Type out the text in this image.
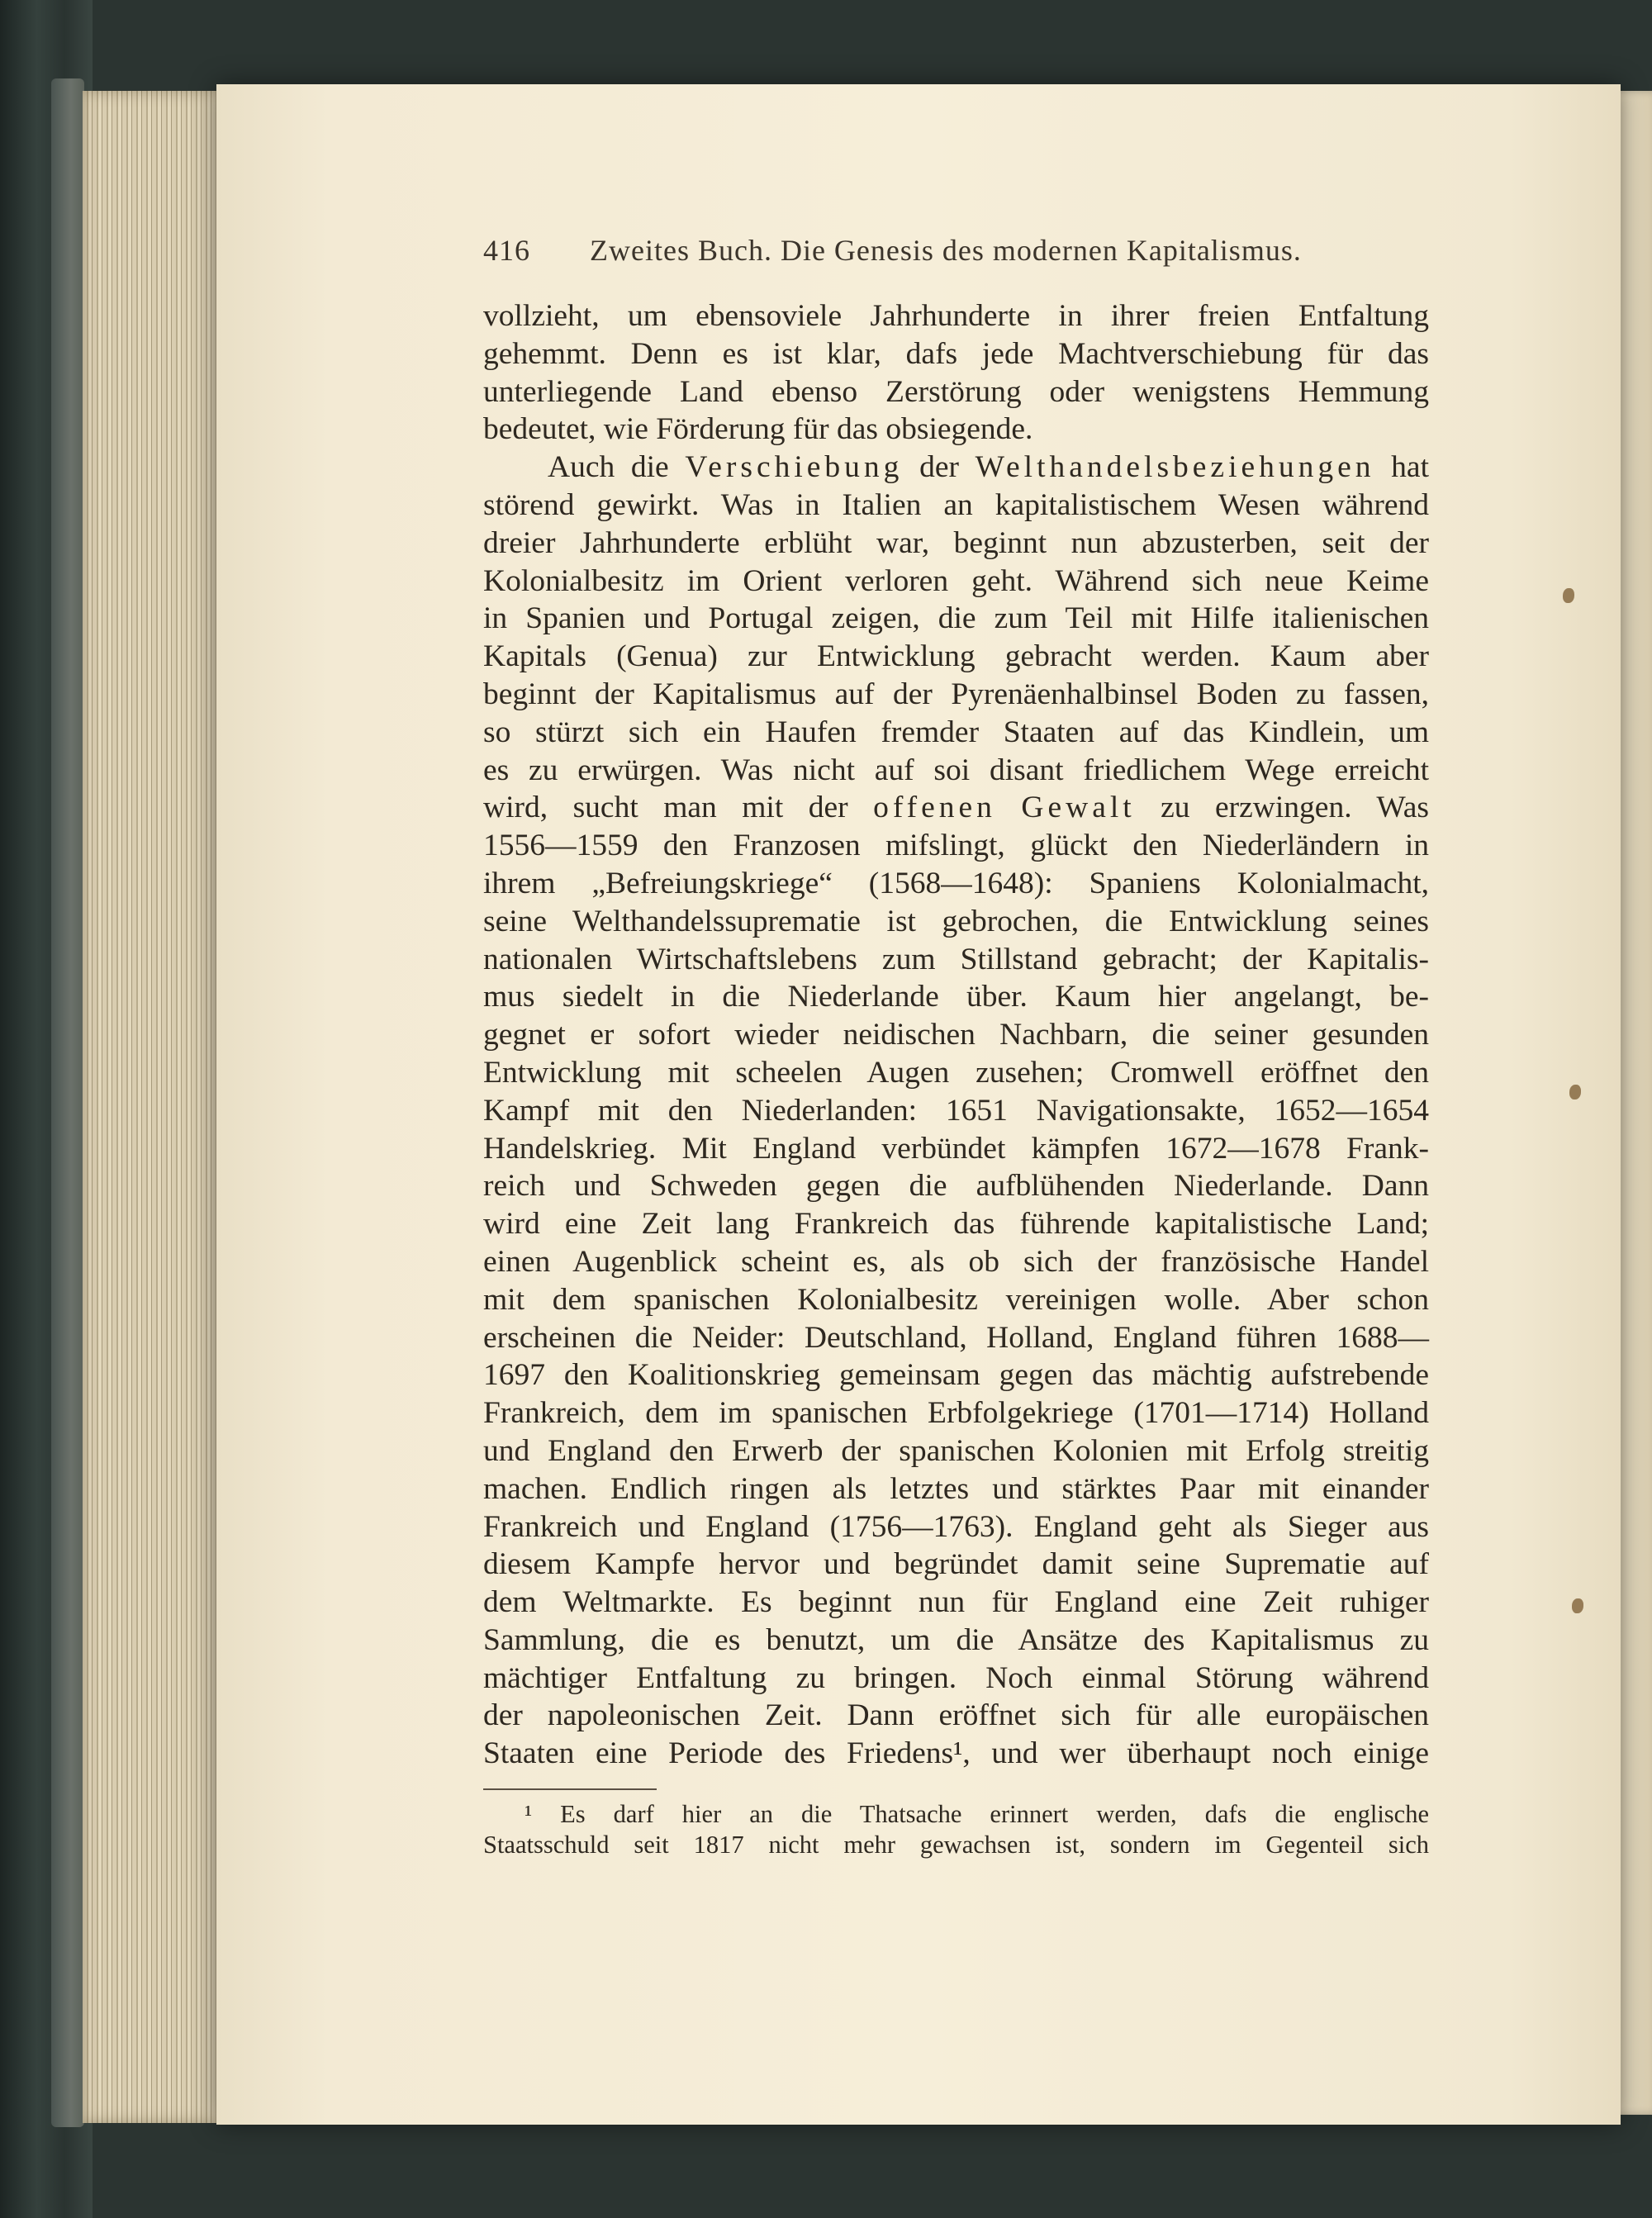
416 Zweites Buch. Die Genesis des modernen Kapitalismus.
vollzieht, um ebensoviele Jahrhunderte in ihrer freien Entfaltung
gehemmt. Denn es ist klar, dafs jede Machtverschiebung für das
unterliegende Land ebenso Zerstörung oder wenigstens Hemmung
bedeutet, wie Förderung für das obsiegende.
Auch die Verschiebung der Welthandelsbeziehungen hat
störend gewirkt. Was in Italien an kapitalistischem Wesen während
dreier Jahrhunderte erblüht war, beginnt nun abzusterben, seit der
Kolonialbesitz im Orient verloren geht. Während sich neue Keime
in Spanien und Portugal zeigen, die zum Teil mit Hilfe italienischen
Kapitals (Genua) zur Entwicklung gebracht werden. Kaum aber
beginnt der Kapitalismus auf der Pyrenäenhalbinsel Boden zu fassen,
so stürzt sich ein Haufen fremder Staaten auf das Kindlein, um
es zu erwürgen. Was nicht auf soi disant friedlichem Wege erreicht
wird, sucht man mit der offenen Gewalt zu erzwingen. Was
1556—1559 den Franzosen mifslingt, glückt den Niederländern in
ihrem „Befreiungskriege“ (1568—1648): Spaniens Kolonialmacht,
seine Welthandelssuprematie ist gebrochen, die Entwicklung seines
nationalen Wirtschaftslebens zum Stillstand gebracht; der Kapitalis-
mus siedelt in die Niederlande über. Kaum hier angelangt, be-
gegnet er sofort wieder neidischen Nachbarn, die seiner gesunden
Entwicklung mit scheelen Augen zusehen; Cromwell eröffnet den
Kampf mit den Niederlanden: 1651 Navigationsakte, 1652—1654
Handelskrieg. Mit England verbündet kämpfen 1672—1678 Frank-
reich und Schweden gegen die aufblühenden Niederlande. Dann
wird eine Zeit lang Frankreich das führende kapitalistische Land;
einen Augenblick scheint es, als ob sich der französische Handel
mit dem spanischen Kolonialbesitz vereinigen wolle. Aber schon
erscheinen die Neider: Deutschland, Holland, England führen 1688—
1697 den Koalitionskrieg gemeinsam gegen das mächtig aufstrebende
Frankreich, dem im spanischen Erbfolgekriege (1701—1714) Holland
und England den Erwerb der spanischen Kolonien mit Erfolg streitig
machen. Endlich ringen als letztes und stärktes Paar mit einander
Frankreich und England (1756—1763). England geht als Sieger aus
diesem Kampfe hervor und begründet damit seine Suprematie auf
dem Weltmarkte. Es beginnt nun für England eine Zeit ruhiger
Sammlung, die es benutzt, um die Ansätze des Kapitalismus zu
mächtiger Entfaltung zu bringen. Noch einmal Störung während
der napoleonischen Zeit. Dann eröffnet sich für alle europäischen
Staaten eine Periode des Friedens¹, und wer überhaupt noch einige
¹ Es darf hier an die Thatsache erinnert werden, dafs die englische
Staatsschuld seit 1817 nicht mehr gewachsen ist, sondern im Gegenteil sich
